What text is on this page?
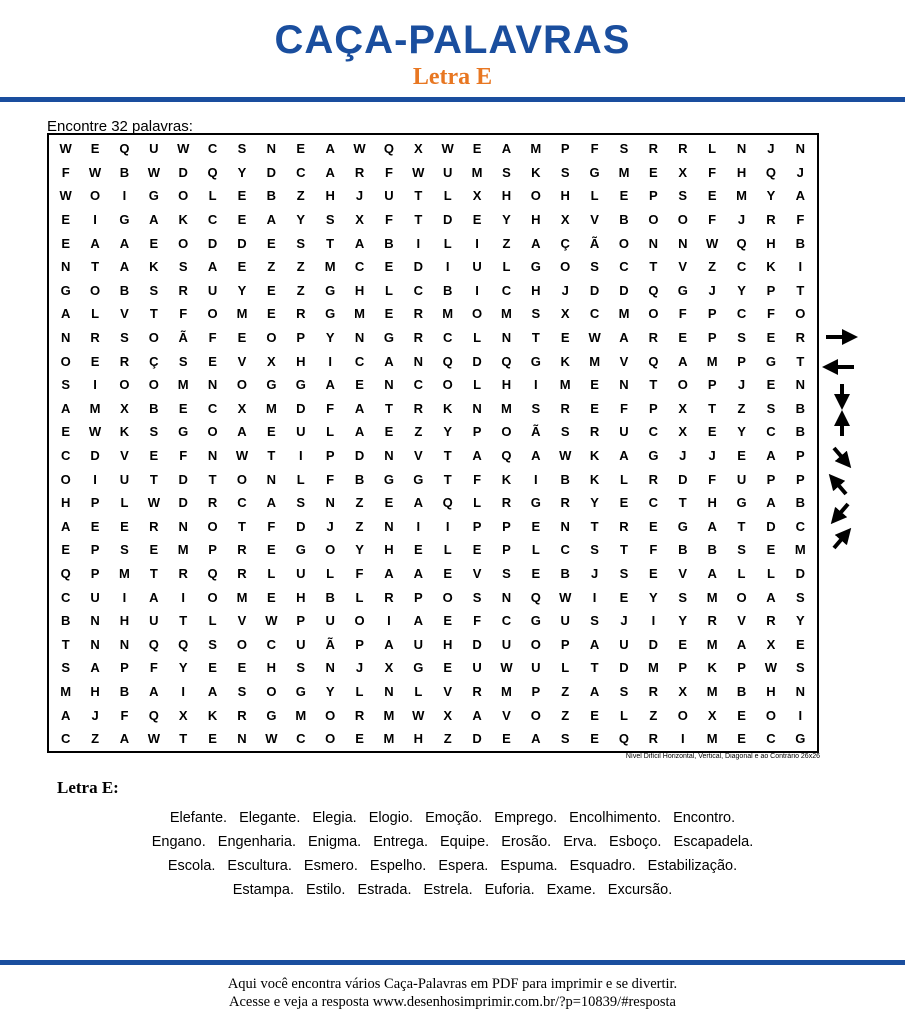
CAÇA-PALAVRAS
Letra E
Encontre 32 palavras:
W	E	Q	U	W	C	S	N	E	A	W	Q	X	W	E	A	M	P	F	S	R	R	L	N	J	N
F	W	B	W	D	Q	Y	D	C	A	R	F	W	U	M	S	K	S	G	M	E	X	F	H	Q	J
W	O	I	G	O	L	E	B	Z	H	J	U	T	L	X	H	O	H	L	E	P	S	E	M	Y	A
E	I	G	A	K	C	E	A	Y	S	X	F	T	D	E	Y	H	X	V	B	O	O	F	J	R	F
E	A	A	E	O	D	D	E	S	T	A	B	I	L	I	Z	A	Ç	Ã	O	N	N	W	Q	H	B
N	T	A	K	S	A	E	Z	Z	M	C	E	D	I	U	L	G	O	S	C	T	V	Z	C	K	I
G	O	B	S	R	U	Y	E	Z	G	H	L	C	B	I	C	H	J	D	D	Q	G	J	Y	P	T
A	L	V	T	F	O	M	E	R	G	M	E	R	M	O	M	S	X	C	M	O	F	P	C	F	O
N	R	S	O	Ã	F	E	O	P	Y	N	G	R	C	L	N	T	E	W	A	R	E	P	S	E	R
O	E	R	Ç	S	E	V	X	H	I	C	A	N	Q	D	Q	G	K	M	V	Q	A	M	P	G	T
S	I	O	O	M	N	O	G	G	A	E	N	C	O	L	H	I	M	E	N	T	O	P	J	E	N
A	M	X	B	E	C	X	M	D	F	A	T	R	K	N	M	S	R	E	F	P	X	T	Z	S	B
E	W	K	S	G	O	A	E	U	L	A	E	Z	Y	P	O	Ã	S	R	U	C	X	E	Y	C	B
C	D	V	E	F	N	W	T	I	P	D	N	V	T	A	Q	A	W	K	A	G	J	J	E	A	P
O	I	U	T	D	T	O	N	L	F	B	G	G	T	F	K	I	B	K	L	R	D	F	U	P	P
H	P	L	W	D	R	C	A	S	N	Z	E	A	Q	L	R	G	R	Y	E	C	T	H	G	A	B
A	E	E	R	N	O	T	F	D	J	Z	N	I	I	P	P	E	N	T	R	E	G	A	T	D	C
E	P	S	E	M	P	R	E	G	O	Y	H	E	L	E	P	L	C	S	T	F	B	B	S	E	M
Q	P	M	T	R	Q	R	L	U	L	F	A	A	E	V	S	E	B	J	S	E	V	A	L	L	D
C	U	I	A	I	O	M	E	H	B	L	R	P	O	S	N	Q	W	I	E	Y	S	M	O	A	S
B	N	H	U	T	L	V	W	P	U	O	I	A	E	F	C	G	U	S	J	I	Y	R	V	R	Y
T	N	N	Q	Q	S	O	C	U	Ã	P	A	U	H	D	U	O	P	A	U	D	E	M	A	X	E
S	A	P	F	Y	E	E	H	S	N	J	X	G	E	U	W	U	L	T	D	M	P	K	P	W	S
M	H	B	A	I	A	S	O	G	Y	L	N	L	V	R	M	P	Z	A	S	R	X	M	B	H	N
A	J	F	Q	X	K	R	G	M	O	R	M	W	X	A	V	O	Z	E	L	Z	O	X	E	O	I
C	Z	A	W	T	E	N	W	C	O	E	M	H	Z	D	E	A	S	E	Q	R	I	M	E	C	G
Nível Difícil Horizontal, Vertical, Diagonal e ao Contrário 26x26
Letra E:
Elefante. Elegante. Elegia. Elogio. Emoção. Emprego. Encolhimento. Encontro.
Engano. Engenharia. Enigma. Entrega. Equipe. Erosão. Erva. Esboço. Escapadela.
Escola. Escultura. Esmero. Espelho. Espera. Espuma. Esquadro. Estabilização.
Estampa. Estilo. Estrada. Estrela. Euforia. Exame. Excursão.
Aqui você encontra vários Caça-Palavras em PDF para imprimir e se divertir.
Acesse e veja a resposta www.desenhosimprimir.com.br/?p=10839/#resposta
